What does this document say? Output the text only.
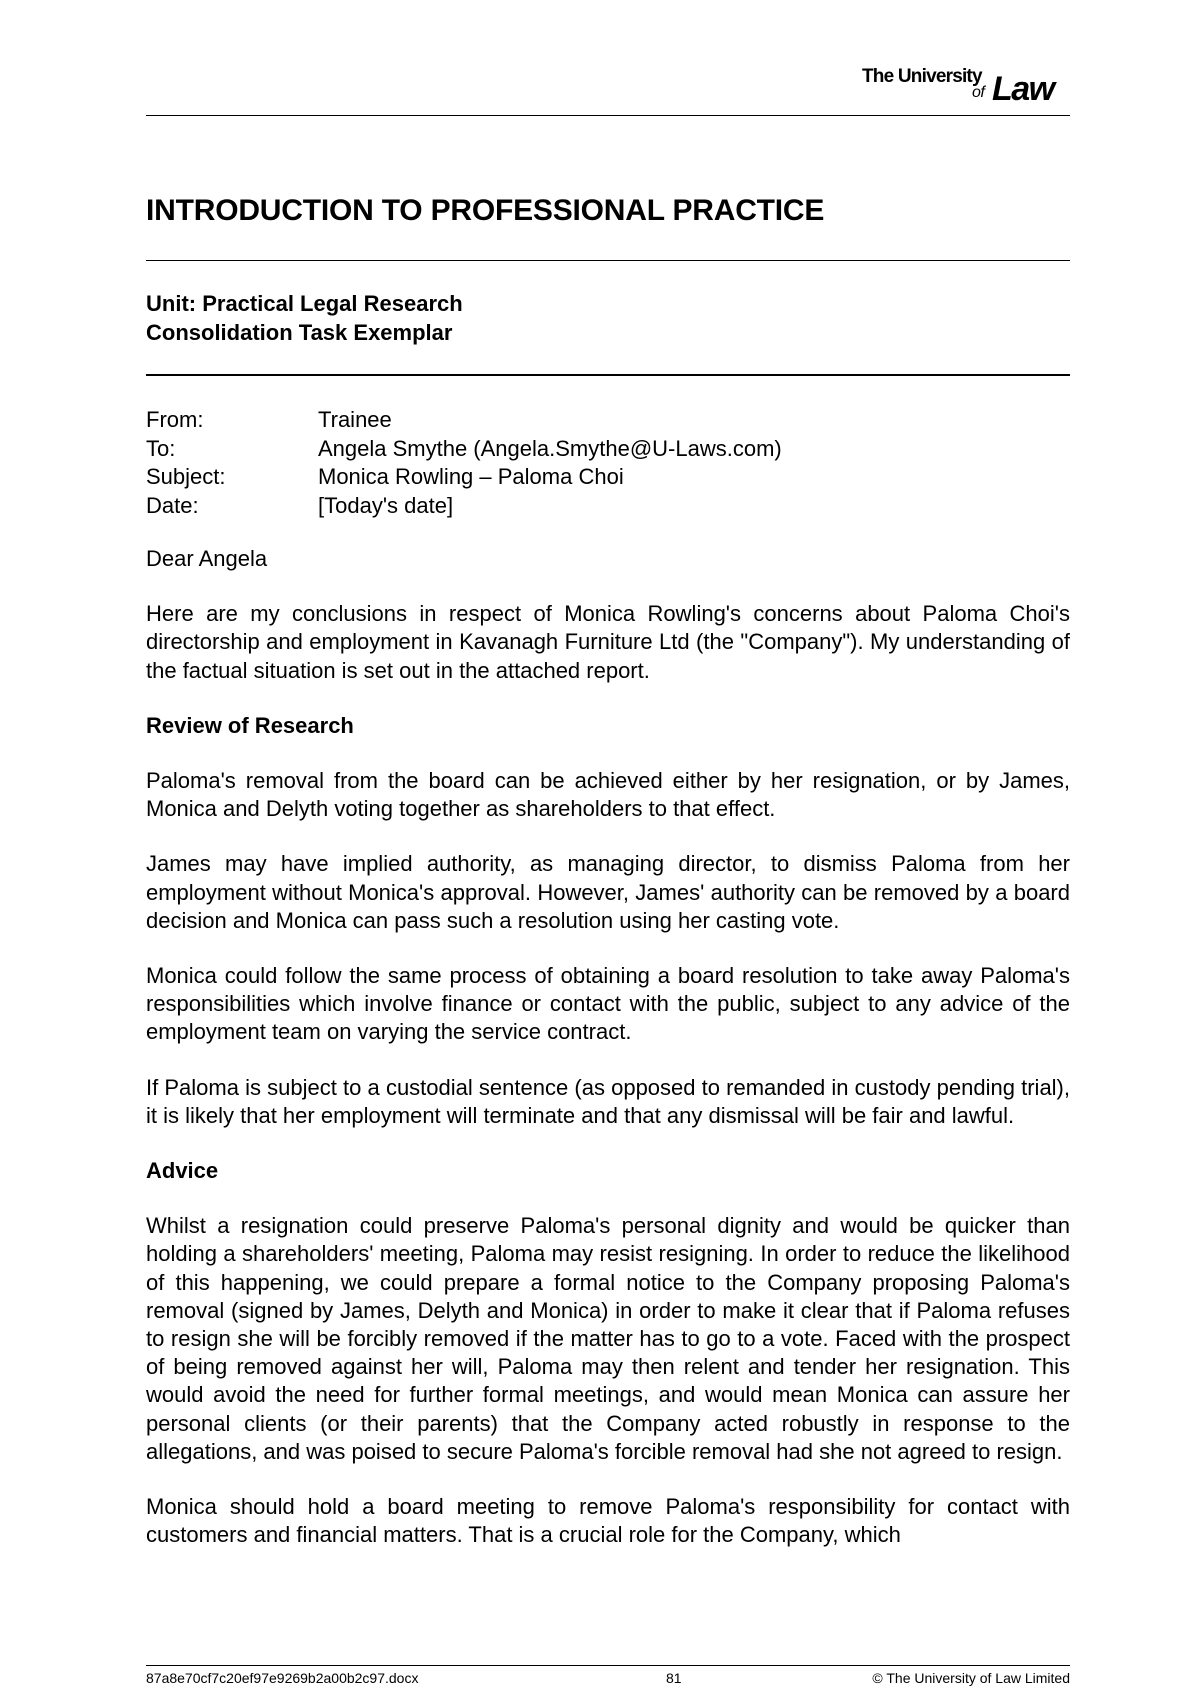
The University
of Law
INTRODUCTION TO PROFESSIONAL PRACTICE
Unit: Practical Legal Research
Consolidation Task Exemplar
From:	Trainee
To:	Angela Smythe (Angela.Smythe@U-Laws.com)
Subject:	Monica Rowling – Paloma Choi
Date:	[Today's date]

Dear Angela

Here are my conclusions in respect of Monica Rowling's concerns about Paloma Choi's directorship and employment in Kavanagh Furniture Ltd (the "Company"). My understanding of the factual situation is set out in the attached report.

Review of Research

Paloma's removal from the board can be achieved either by her resignation, or by James, Monica and Delyth voting together as shareholders to that effect.

James may have implied authority, as managing director, to dismiss Paloma from her employment without Monica's approval. However, James' authority can be removed by a board decision and Monica can pass such a resolution using her casting vote.

Monica could follow the same process of obtaining a board resolution to take away Paloma's responsibilities which involve finance or contact with the public, subject to any advice of the employment team on varying the service contract.

If Paloma is subject to a custodial sentence (as opposed to remanded in custody pending trial), it is likely that her employment will terminate and that any dismissal will be fair and lawful.

Advice

Whilst a resignation could preserve Paloma's personal dignity and would be quicker than holding a shareholders' meeting, Paloma may resist resigning. In order to reduce the likelihood of this happening, we could prepare a formal notice to the Company proposing Paloma's removal (signed by James, Delyth and Monica) in order to make it clear that if Paloma refuses to resign she will be forcibly removed if the matter has to go to a vote. Faced with the prospect of being removed against her will, Paloma may then relent and tender her resignation. This would avoid the need for further formal meetings, and would mean Monica can assure her personal clients (or their parents) that the Company acted robustly in response to the allegations, and was poised to secure Paloma's forcible removal had she not agreed to resign.

Monica should hold a board meeting to remove Paloma's responsibility for contact with customers and financial matters. That is a crucial role for the Company, which

87a8e70cf7c20ef97e9269b2a00b2c97.docx	81	© The University of Law Limited
